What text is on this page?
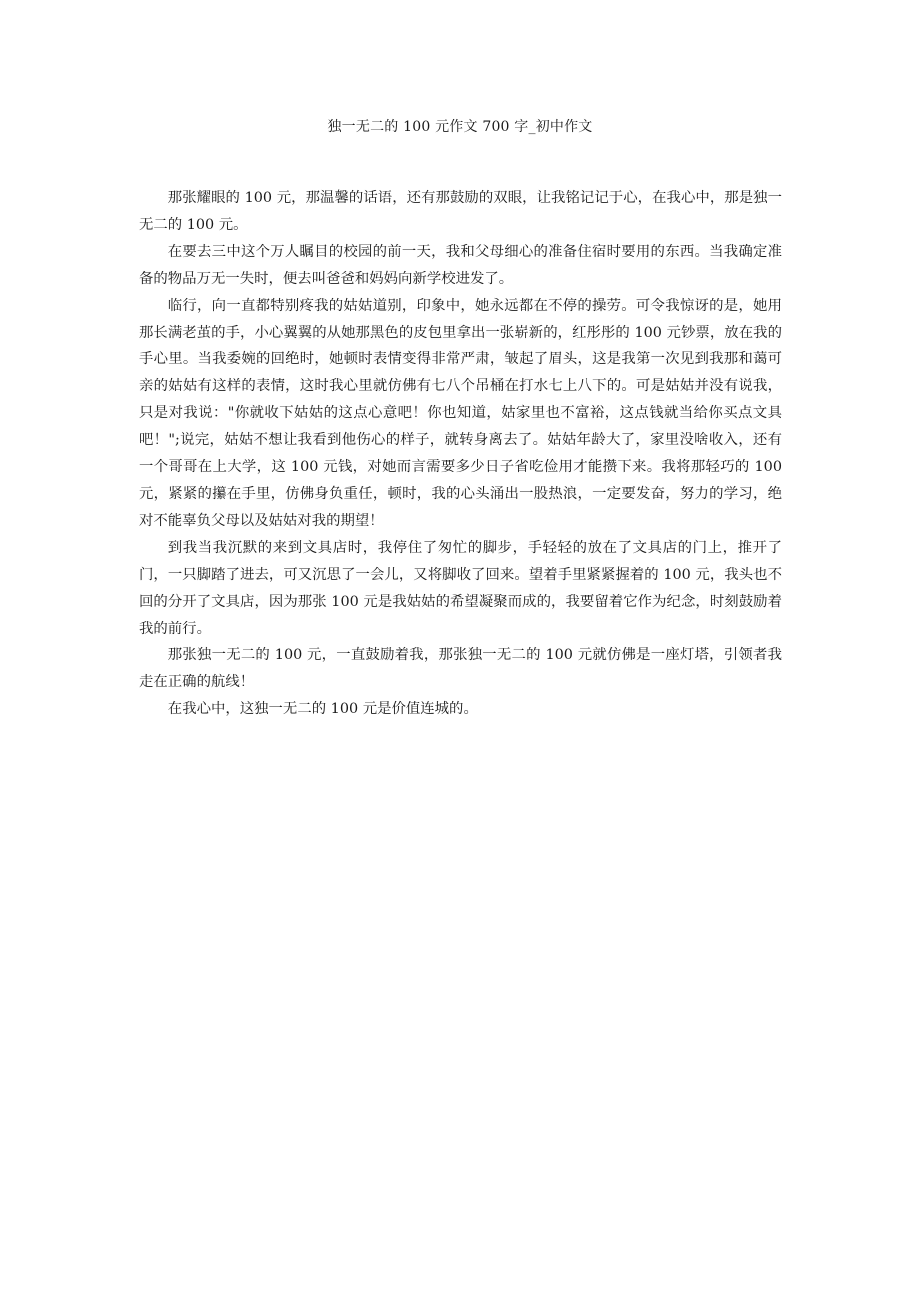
独一无二的 100 元作文 700 字_初中作文

那张耀眼的 100 元，那温馨的话语，还有那鼓励的双眼，让我铭记记于心，在我心中，那是独一无二的 100 元。

在要去三中这个万人瞩目的校园的前一天，我和父母细心的准备住宿时要用的东西。当我确定准备的物品万无一失时，便去叫爸爸和妈妈向新学校进发了。

临行，向一直都特别疼我的姑姑道别，印象中，她永远都在不停的操劳。可令我惊讶的是，她用那长满老茧的手，小心翼翼的从她那黑色的皮包里拿出一张崭新的，红彤彤的 100 元钞票，放在我的手心里。当我委婉的回绝时，她顿时表情变得非常严肃，皱起了眉头，这是我第一次见到我那和蔼可亲的姑姑有这样的表情，这时我心里就仿佛有七八个吊桶在打水七上八下的。可是姑姑并没有说我，只是对我说："你就收下姑姑的这点心意吧！你也知道，姑家里也不富裕，这点钱就当给你买点文具吧！";说完，姑姑不想让我看到他伤心的样子，就转身离去了。姑姑年龄大了，家里没啥收入，还有一个哥哥在上大学，这 100 元钱，对她而言需要多少日子省吃俭用才能攒下来。我将那轻巧的 100 元，紧紧的攥在手里，仿佛身负重任，顿时，我的心头涌出一股热浪，一定要发奋，努力的学习，绝对不能辜负父母以及姑姑对我的期望！

到我当我沉默的来到文具店时，我停住了匆忙的脚步，手轻轻的放在了文具店的门上，推开了门，一只脚踏了进去，可又沉思了一会儿，又将脚收了回来。望着手里紧紧握着的 100 元，我头也不回的分开了文具店，因为那张 100 元是我姑姑的希望凝聚而成的，我要留着它作为纪念，时刻鼓励着我的前行。

那张独一无二的 100 元，一直鼓励着我，那张独一无二的 100 元就仿佛是一座灯塔，引领者我走在正确的航线！

在我心中，这独一无二的 100 元是价值连城的。
